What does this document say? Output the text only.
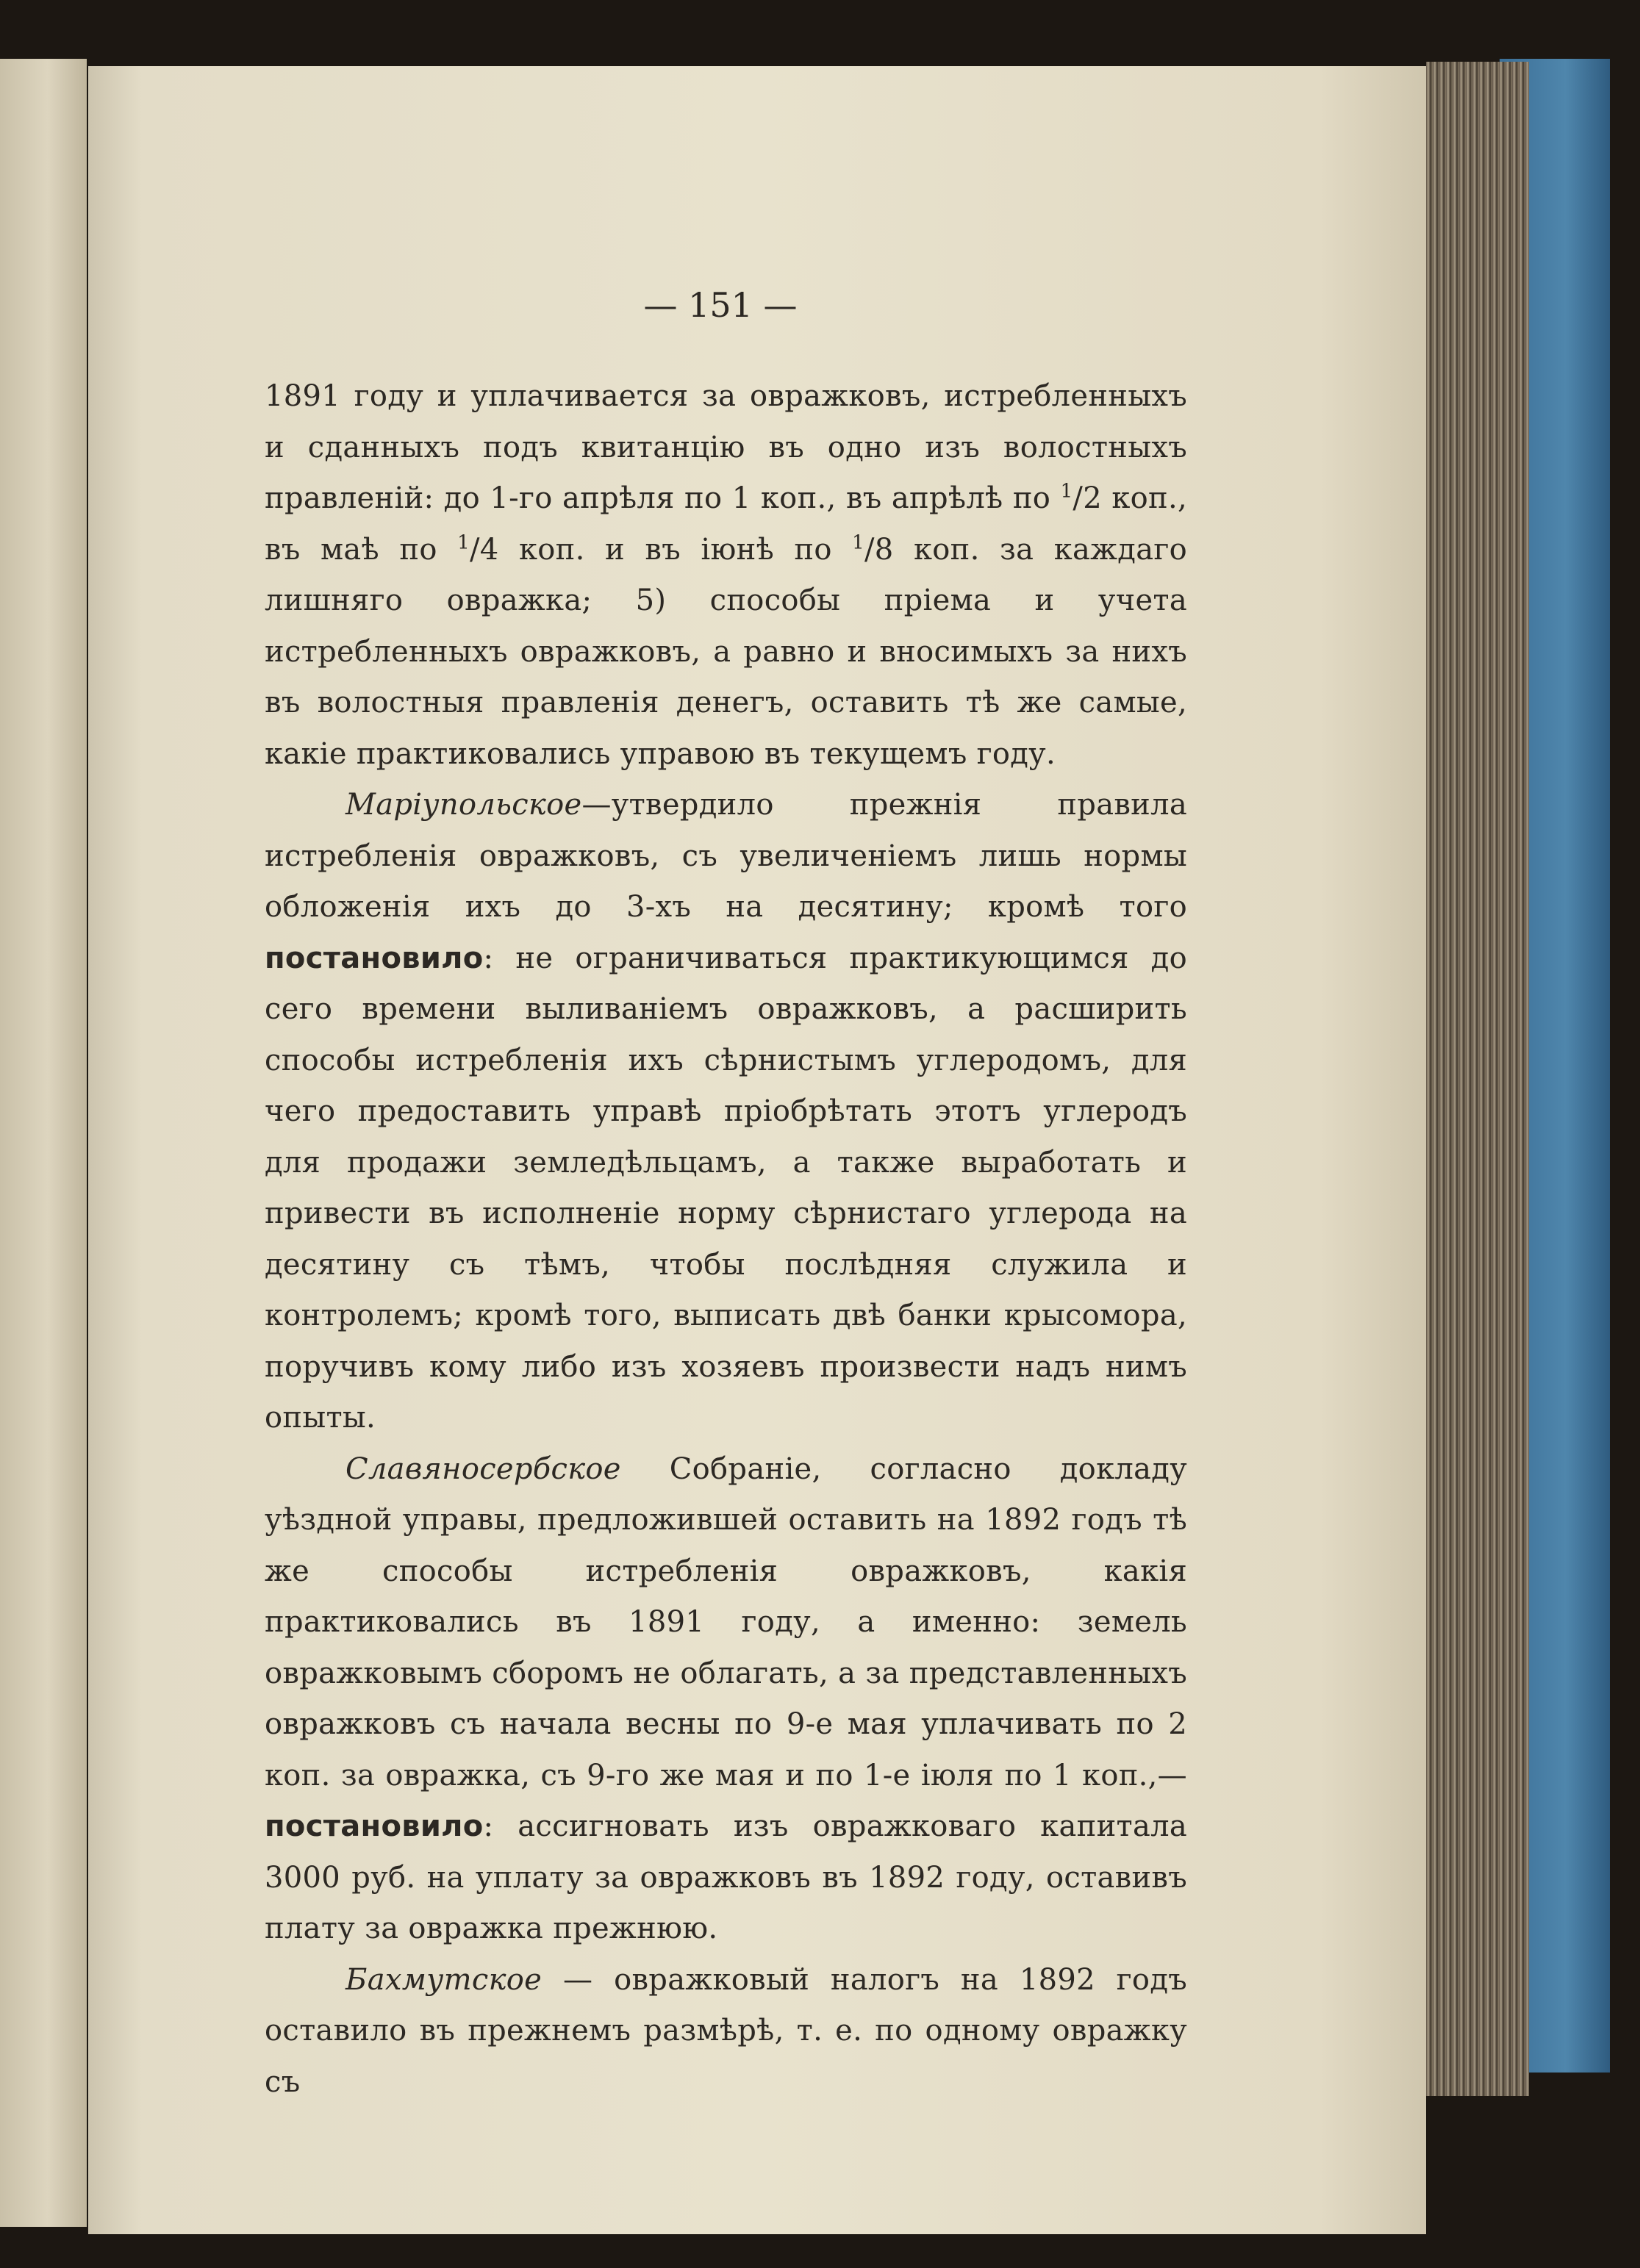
— 151 —

1891 году и уплачивается за овражковъ, истребленныхъ и сданныхъ подъ квитанцію въ одно изъ волостныхъ правленій: до 1-го апрѣля по 1 коп., въ апрѣлѣ по $^1$/2 коп., въ маѣ по $^1$/4 коп. и въ іюнѣ по $^1$/8 коп. за каждаго лишняго овражка; 5) способы пріема и учета истребленныхъ овражковъ, а равно и вносимыхъ за нихъ въ волостныя правленія денегъ, оставить тѣ же самые, какіе практиковались управою въ текущемъ году.

Маріупольское—утвердило прежнія правила истребленія овражковъ, съ увеличеніемъ лишь нормы обложенія ихъ до 3-хъ на десятину; кромѣ того постановило: не ограничиваться практикующимся до сего времени выливаніемъ овражковъ, а расширить способы истребленія ихъ сѣрнистымъ углеродомъ, для чего предоставить управѣ пріобрѣтать этотъ углеродъ для продажи земледѣльцамъ, а также выработать и привести въ исполненіе норму сѣрнистаго углерода на десятину съ тѣмъ, чтобы послѣдняя служила и контролемъ; кромѣ того, выписать двѣ банки крысомора, поручивъ кому либо изъ хозяевъ произвести надъ нимъ опыты.

Славяносербское Собраніе, согласно докладу уѣздной управы, предложившей оставить на 1892 годъ тѣ же способы истребленія овражковъ, какія практиковались въ 1891 году, а именно: земель овражковымъ сборомъ не облагать, а за представленныхъ овражковъ съ начала весны по 9-е мая уплачивать по 2 коп. за овражка, съ 9-го же мая и по 1-е іюля по 1 коп.,—постановило: ассигновать изъ овражковаго капитала 3000 руб. на уплату за овражковъ въ 1892 году, оставивъ плату за овражка прежнюю.

Бахмутское — овражковый налогъ на 1892 годъ оставило въ прежнемъ размѣрѣ, т. е. по одному овражку съ
